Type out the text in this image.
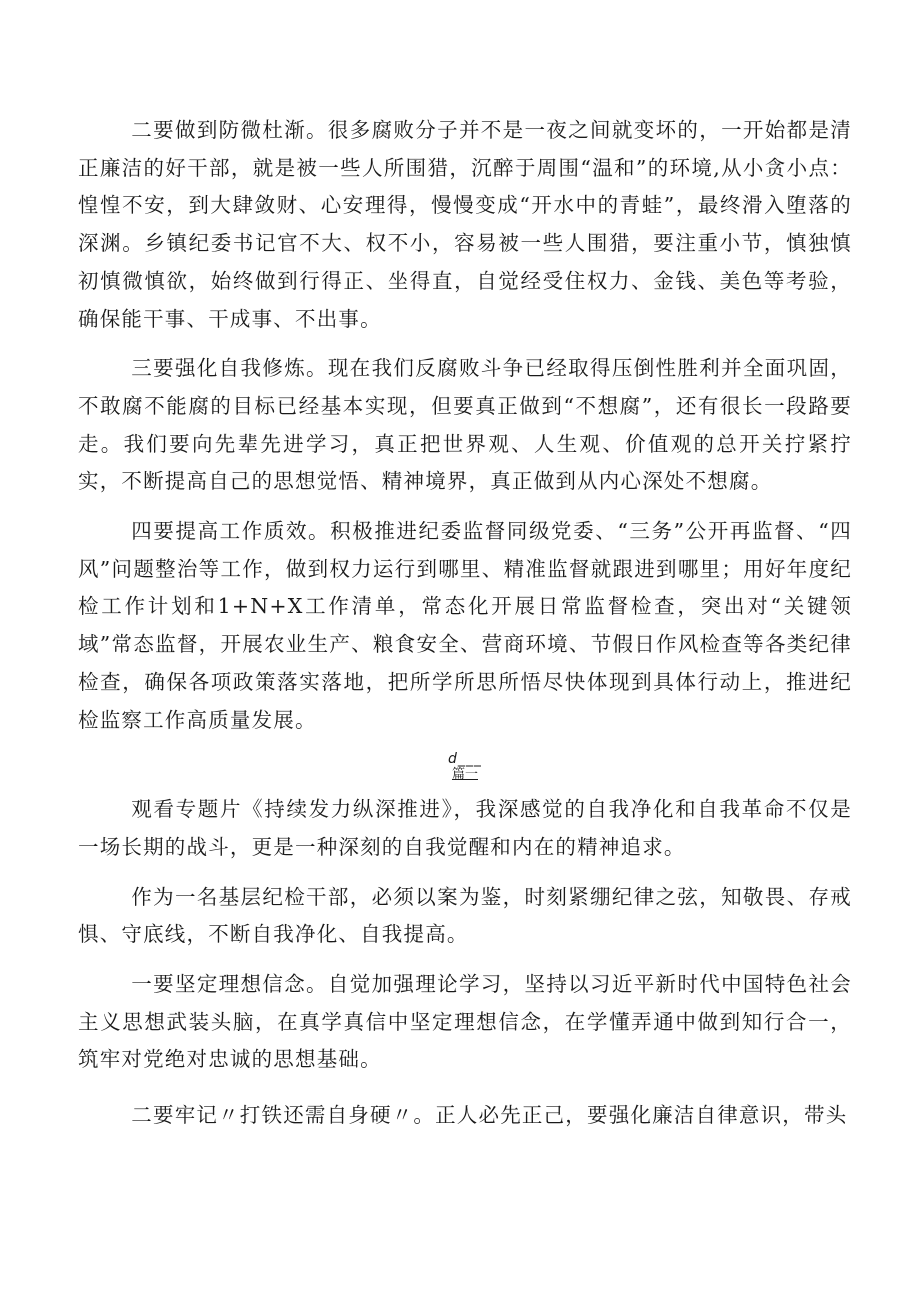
二要做到防微杜渐。很多腐败分子并不是一夜之间就变坏的，一开始都是清正廉洁的好干部，就是被一些人所围猎，沉醉于周围“温和”的环境,从小贪小点：惶惶不安，到大肆敛财、心安理得，慢慢变成“开水中的青蛙”，最终滑入堕落的深渊。乡镇纪委书记官不大、权不小，容易被一些人围猎，要注重小节，慎独慎初慎微慎欲，始终做到行得正、坐得直，自觉经受住权力、金钱、美色等考验，确保能干事、干成事、不出事。

三要强化自我修炼。现在我们反腐败斗争已经取得压倒性胜利并全面巩固，不敢腐不能腐的目标已经基本实现，但要真正做到“不想腐”，还有很长一段路要走。我们要向先辈先进学习，真正把世界观、人生观、价值观的总开关拧紧拧实，不断提高自己的思想觉悟、精神境界，真正做到从内心深处不想腐。

四要提高工作质效。积极推进纪委监督同级党委、“三务”公开再监督、“四风”问题整治等工作，做到权力运行到哪里、精准监督就跟进到哪里；用好年度纪检工作计划和1+N+X工作清单，常态化开展日常监督检查，突出对“关键领域”常态监督，开展农业生产、粮食安全、营商环境、节假日作风检查等各类纪律检查，确保各项政策落实落地，把所学所思所悟尽快体现到具体行动上，推进纪检监察工作高质量发展。

d___
篇一

观看专题片《持续发力纵深推进》，我深感觉的自我净化和自我革命不仅是一场长期的战斗，更是一种深刻的自我觉醒和内在的精神追求。

作为一名基层纪检干部，必须以案为鉴，时刻紧绷纪律之弦，知敬畏、存戒惧、守底线，不断自我净化、自我提高。

一要坚定理想信念。自觉加强理论学习，坚持以习近平新时代中国特色社会主义思想武装头脑，在真学真信中坚定理想信念，在学懂弄通中做到知行合一，筑牢对党绝对忠诚的思想基础。

二要牢记〃打铁还需自身硬〃。正人必先正己，要强化廉洁自律意识，带头
